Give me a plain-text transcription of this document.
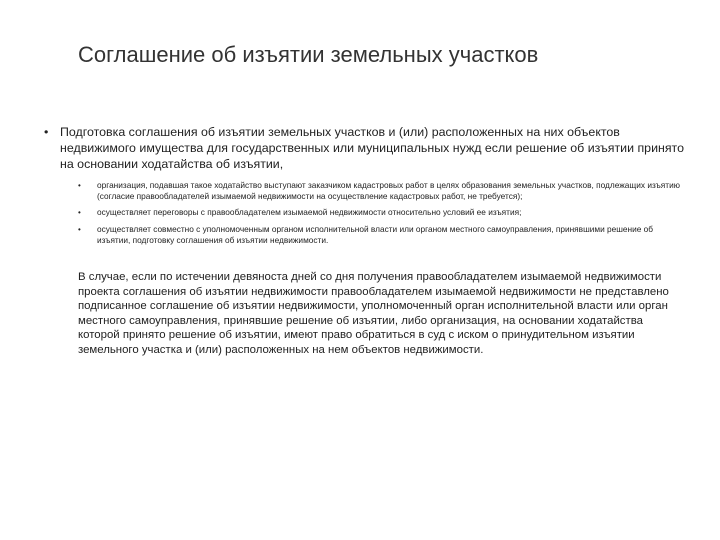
Соглашение об изъятии земельных участков
• Подготовка соглашения об изъятии земельных участков и (или) расположенных на них объектов недвижимого имущества для государственных или муниципальных нужд если решение об изъятии принято на основании ходатайства об изъятии,
• организация, подавшая такое ходатайство выступают заказчиком кадастровых работ в целях образования земельных участков, подлежащих изъятию (согласие правообладателей изымаемой недвижимости на осуществление кадастровых работ, не требуется);
• осуществляет переговоры с правообладателем изымаемой недвижимости относительно условий ее изъятия;
• осуществляет совместно с уполномоченным органом исполнительной власти или органом местного самоуправления, принявшими решение об изъятии, подготовку соглашения об изъятии недвижимости.
В случае, если по истечении девяноста дней со дня получения правообладателем изымаемой недвижимости проекта соглашения об изъятии недвижимости правообладателем изымаемой недвижимости не представлено подписанное соглашение об изъятии недвижимости, уполномоченный орган исполнительной власти или орган местного самоуправления, принявшие решение об изъятии, либо организация, на основании ходатайства которой принято решение об изъятии, имеют право обратиться в суд с иском о принудительном изъятии земельного участка и (или) расположенных на нем объектов недвижимости.
